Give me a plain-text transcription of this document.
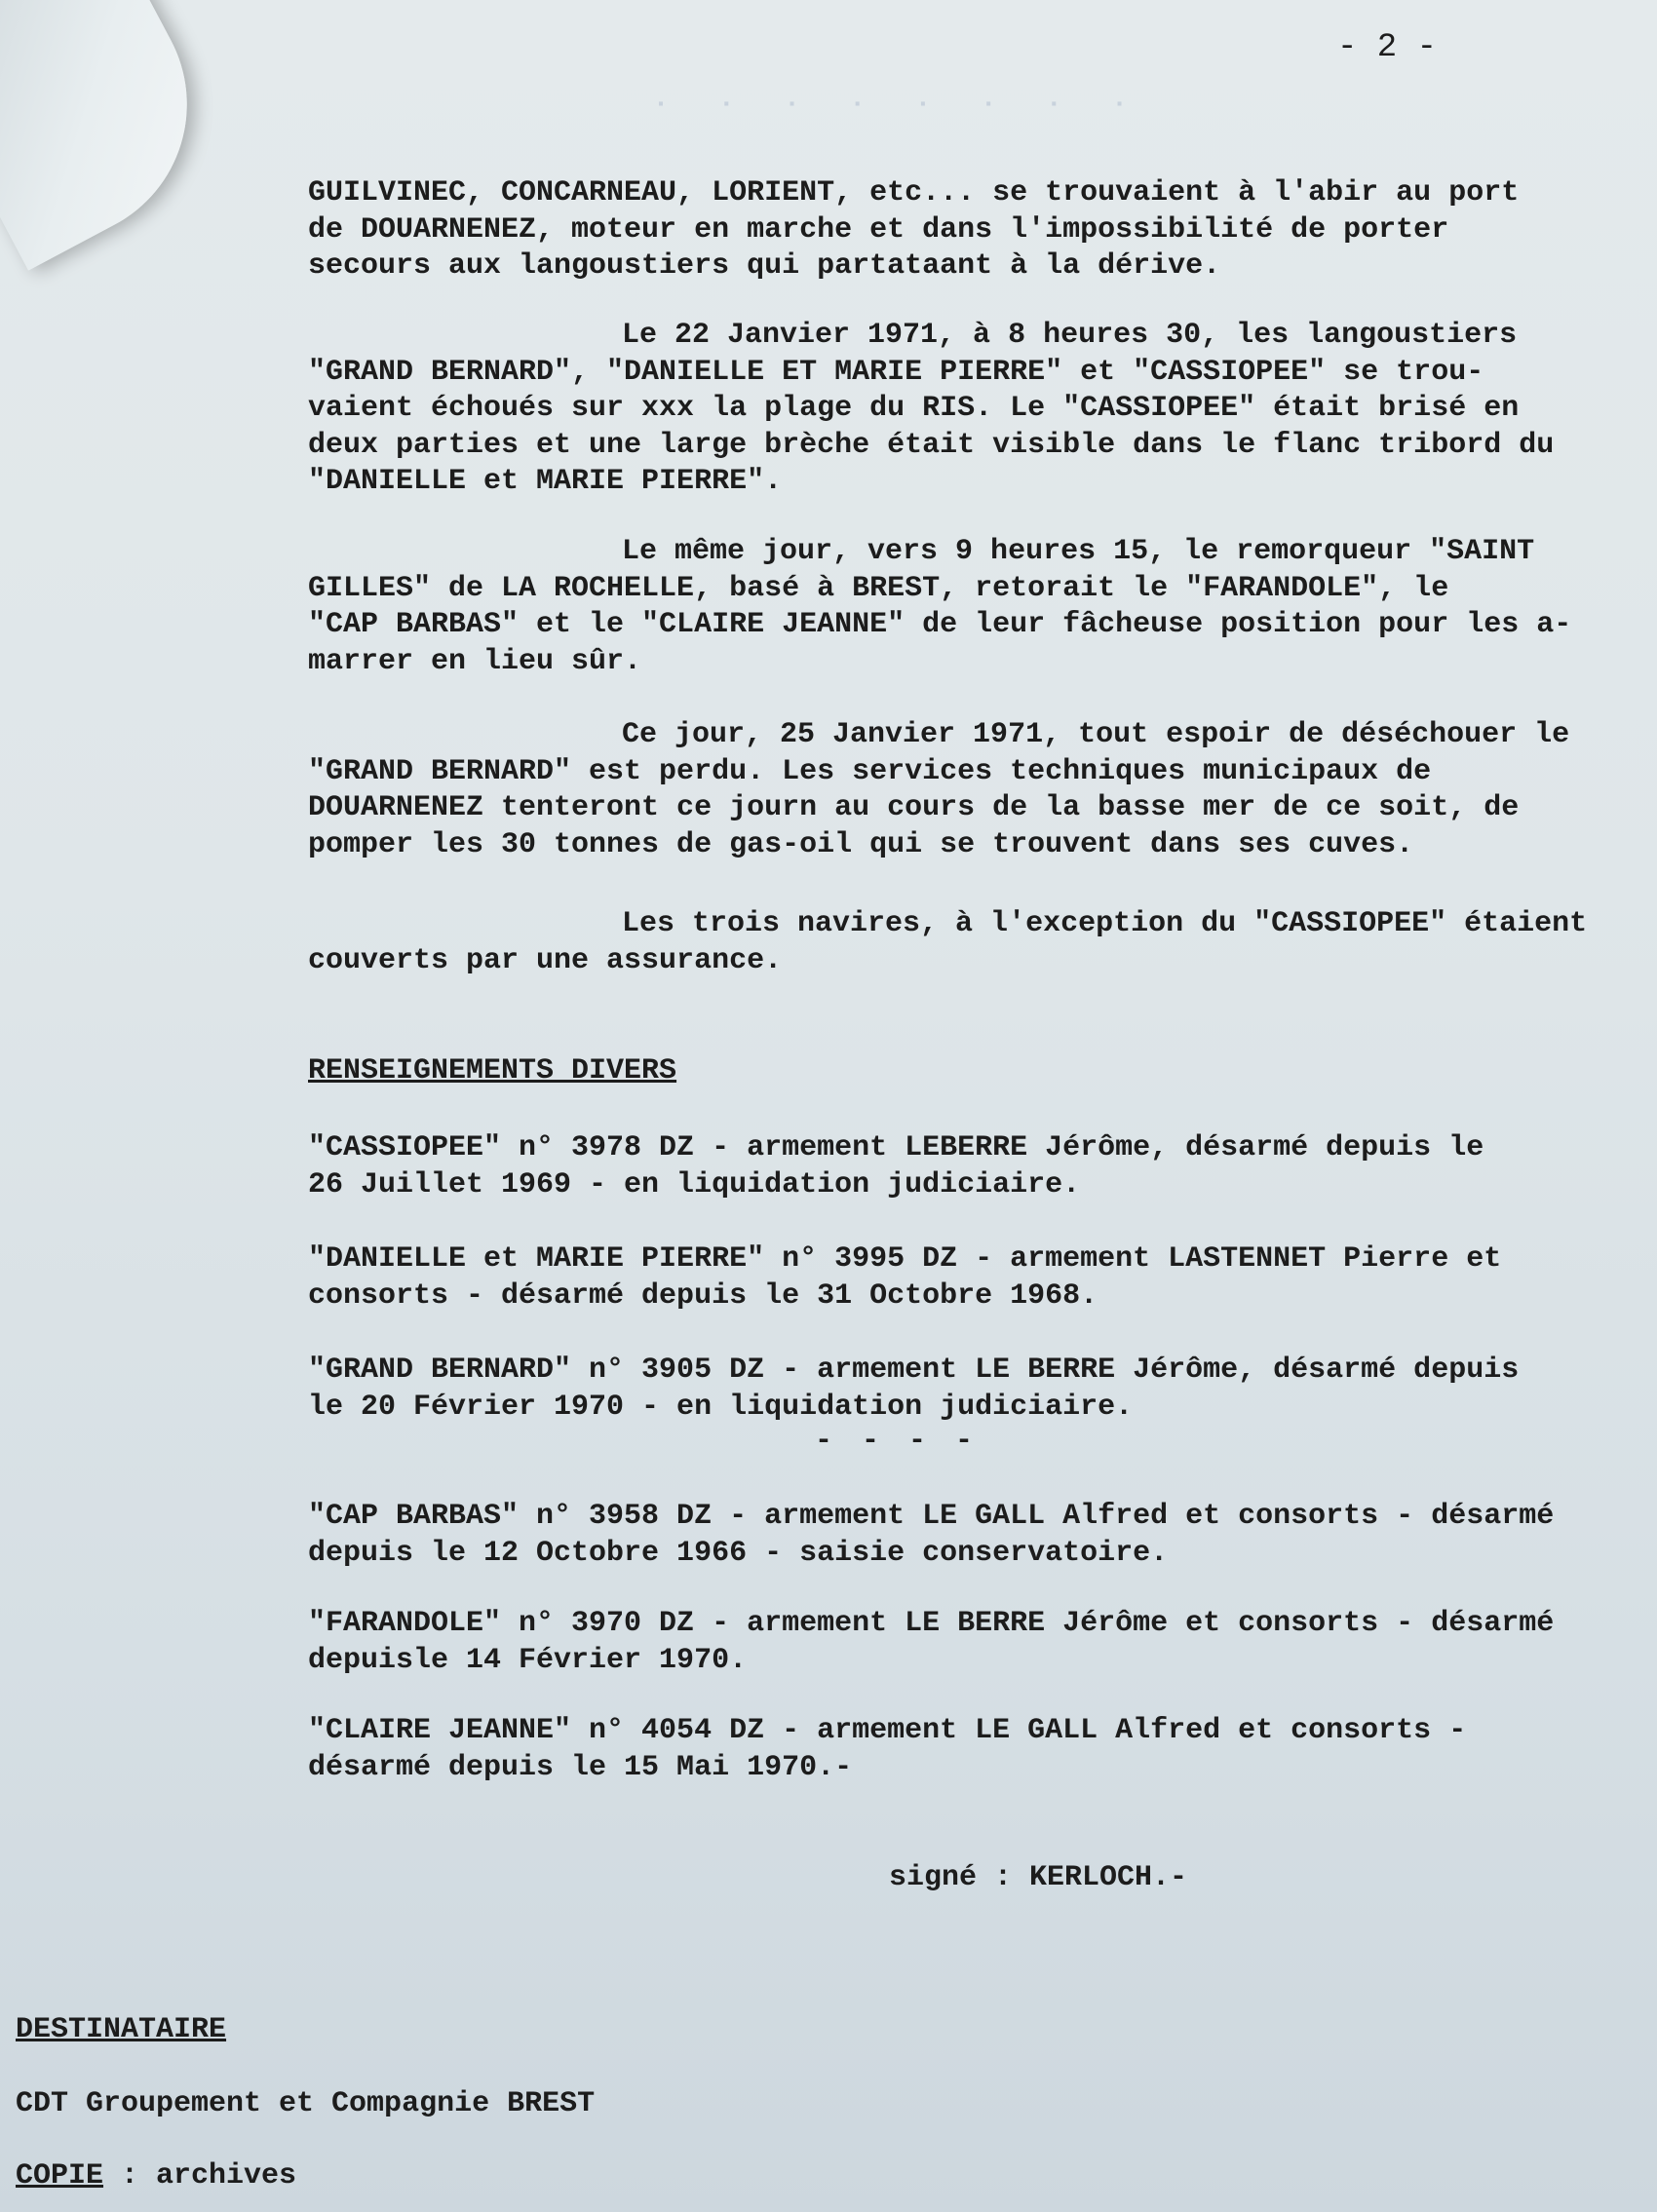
·   ·   ·   ·   ·   ·   ·   ·
- 2 -

GUILVINEC, CONCARNEAU, LORIENT, etc... se trouvaient à l'abir au port
de DOUARNENEZ, moteur en marche et dans l'impossibilité de porter
secours aux langoustiers qui partataant à la dérive.

Le 22 Janvier 1971, à 8 heures 30, les langoustiers
"GRAND BERNARD", "DANIELLE ET MARIE PIERRE" et "CASSIOPEE" se trou-
vaient échoués sur xxx la plage du RIS. Le "CASSIOPEE" était brisé en
deux parties et une large brèche était visible dans le flanc tribord du
"DANIELLE et MARIE PIERRE".

Le même jour, vers 9 heures 15, le remorqueur "SAINT
GILLES" de LA ROCHELLE, basé à BREST, retorait le "FARANDOLE", le
"CAP BARBAS" et le "CLAIRE JEANNE" de leur fâcheuse position pour les a-
marrer en lieu sûr.

Ce jour, 25 Janvier 1971, tout espoir de déséchouer le
"GRAND BERNARD" est perdu. Les services techniques municipaux de
DOUARNENEZ tenteront ce journ au cours de la basse mer de ce soit, de
pomper les 30 tonnes de gas-oil qui se trouvent dans ses cuves.

Les trois navires, à l'exception du "CASSIOPEE" étaient
couverts par une assurance.

RENSEIGNEMENTS DIVERS

"CASSIOPEE" n° 3978 DZ - armement LEBERRE Jérôme, désarmé depuis le
26 Juillet 1969 - en liquidation judiciaire.

"DANIELLE et MARIE PIERRE" n° 3995 DZ - armement LASTENNET Pierre et
consorts - désarmé depuis le 31 Octobre 1968.

"GRAND BERNARD" n° 3905 DZ - armement LE BERRE Jérôme, désarmé depuis
le 20 Février 1970 - en liquidation judiciaire.

- - - -

"CAP BARBAS" n° 3958 DZ - armement LE GALL Alfred et consorts - désarmé
depuis le 12 Octobre 1966 - saisie conservatoire.

"FARANDOLE" n° 3970 DZ - armement LE BERRE Jérôme et consorts - désarmé
depuisle 14 Février 1970.

"CLAIRE JEANNE" n° 4054 DZ - armement LE GALL Alfred et consorts -
désarmé depuis le 15 Mai 1970.-

signé : KERLOCH.-
DESTINATAIRE
CDT Groupement et Compagnie BREST
COPIE : archives
